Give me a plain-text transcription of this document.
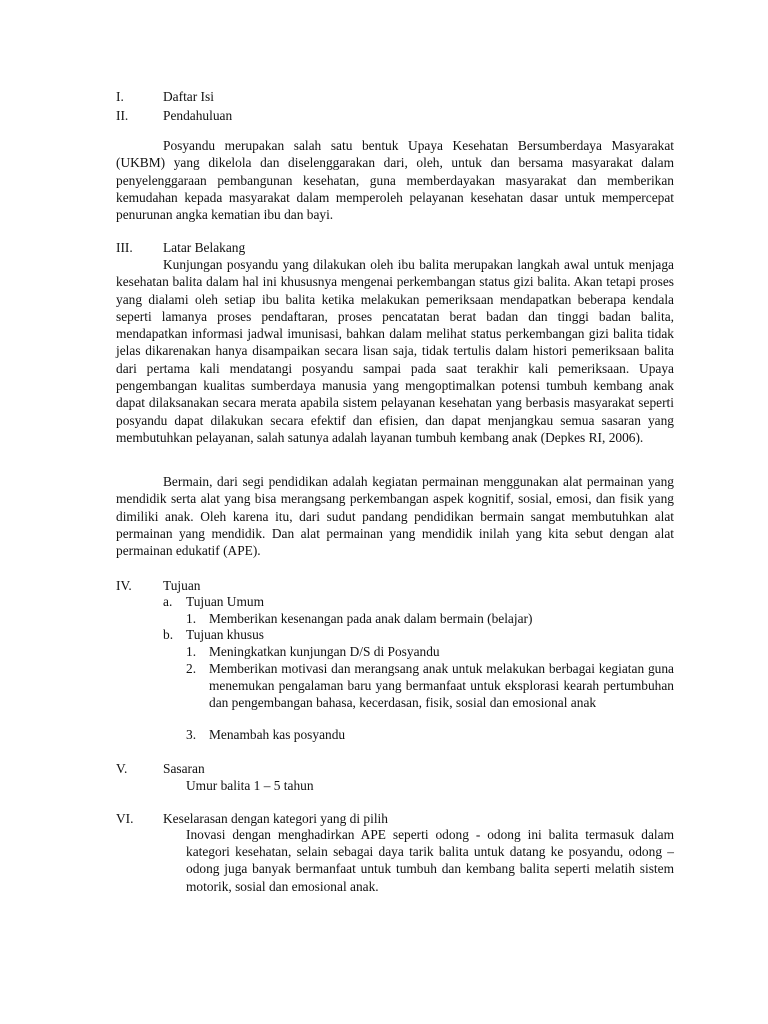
I.	Daftar Isi
II.	Pendahuluan

Posyandu merupakan salah satu bentuk Upaya Kesehatan Bersumberdaya Masyarakat (UKBM) yang dikelola dan diselenggarakan dari, oleh, untuk dan bersama masyarakat dalam penyelenggaraan pembangunan kesehatan, guna memberdayakan masyarakat dan memberikan kemudahan kepada masyarakat dalam memperoleh pelayanan kesehatan dasar untuk mempercepat penurunan angka kematian ibu dan bayi.

III. Latar Belakang

Kunjungan posyandu yang dilakukan oleh ibu balita merupakan langkah awal untuk menjaga kesehatan balita dalam hal ini khususnya mengenai perkembangan status gizi balita. Akan tetapi proses yang dialami oleh setiap ibu balita ketika melakukan pemeriksaan mendapatkan beberapa kendala seperti lamanya proses pendaftaran, proses pencatatan berat badan dan tinggi badan balita, mendapatkan informasi jadwal imunisasi, bahkan dalam melihat status perkembangan gizi balita tidak jelas dikarenakan hanya disampaikan secara lisan saja, tidak tertulis dalam histori pemeriksaan balita dari pertama kali mendatangi posyandu sampai pada saat terakhir kali pemeriksaan. Upaya pengembangan kualitas sumberdaya manusia yang mengoptimalkan potensi tumbuh kembang anak dapat dilaksanakan secara merata apabila sistem pelayanan kesehatan yang berbasis masyarakat seperti posyandu dapat dilakukan secara efektif dan efisien, dan dapat menjangkau semua sasaran yang membutuhkan pelayanan, salah satunya adalah layanan tumbuh kembang anak (Depkes RI, 2006).

Bermain, dari segi pendidikan adalah kegiatan permainan menggunakan alat permainan yang mendidik serta alat yang bisa merangsang perkembangan aspek kognitif, sosial, emosi, dan fisik yang dimiliki anak. Oleh karena itu, dari sudut pandang pendidikan bermain sangat membutuhkan alat permainan yang mendidik. Dan alat permainan yang mendidik inilah yang kita sebut dengan alat permainan edukatif (APE).

IV. Tujuan
a. Tujuan Umum
1. Memberikan kesenangan pada anak dalam bermain (belajar)
b. Tujuan khusus
1. Meningkatkan kunjungan D/S di Posyandu
2. Memberikan motivasi dan merangsang anak untuk melakukan berbagai kegiatan guna menemukan pengalaman baru yang bermanfaat untuk eksplorasi kearah pertumbuhan dan pengembangan bahasa, kecerdasan, fisik, sosial dan emosional anak

3. Menambah kas posyandu
V.	Sasaran
Umur balita 1 – 5 tahun
VI. Keselarasan dengan kategori yang di pilih

Inovasi dengan menghadirkan APE seperti odong - odong ini balita termasuk dalam kategori kesehatan, selain sebagai daya tarik balita untuk datang ke posyandu, odong – odong juga banyak bermanfaat untuk tumbuh dan kembang balita seperti melatih sistem motorik, sosial dan emosional anak.
